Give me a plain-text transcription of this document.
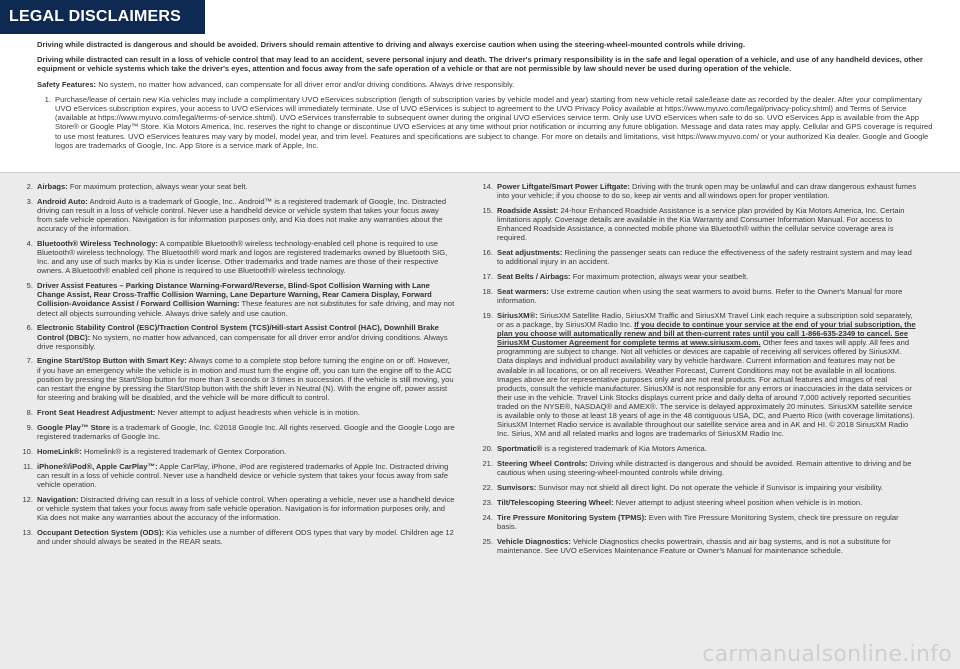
LEGAL DISCLAIMERS

Driving while distracted is dangerous and should be avoided. Drivers should remain attentive to driving and always exercise caution when using the steering-wheel-mounted controls while driving.

Driving while distracted can result in a loss of vehicle control that may lead to an accident, severe personal injury and death. The driver's primary responsibility is in the safe and legal operation of a vehicle, and use of any handheld devices, other equipment or vehicle systems which take the driver's eyes, attention and focus away from the safe operation of a vehicle or that are not permissible by law should never be used during operation of the vehicle.

Safety Features: No system, no matter how advanced, can compensate for all driver error and/or driving conditions. Always drive responsibly.

1. Purchase/lease of certain new Kia vehicles may include a complimentary UVO eServices subscription (length of subscription varies by vehicle model and year) starting from new vehicle retail sale/lease date as recorded by the dealer. After your complimentary UVO eServices subscription expires, your access to UVO eServices will immediately terminate. Use of UVO eServices is subject to agreement to the UVO Privacy Policy available at https://www.myuvo.com/legal/privacy-policy.shtml) and Terms of Service (available at https://www.myuvo.com/legal/terms-of-service.shtml). UVO eServices transferrable to subsequent owner during the original UVO eServices service term. Only use UVO eServices when safe to do so. UVO eServices App is available from the App Store® or Google Play™ Store. Kia Motors America, Inc. reserves the right to change or discontinue UVO eServices at any time without prior notification or incurring any future obligation. Message and data rates may apply. Cellular and GPS coverage is required to use most features. UVO eServices features may vary by model, model year, and trim level. Features and specifications are subject to change. For more on details and limitations, visit https://www.myuvo.com/ or your authorized Kia dealer. Google and Google logos are trademarks of Google, Inc. App Store is a service mark of Apple, Inc.
2. Airbags: For maximum protection, always wear your seat belt.
3. Android Auto: Android Auto is a trademark of Google, Inc.. Android™ is a registered trademark of Google, Inc. Distracted driving can result in a loss of vehicle control. Never use a handheld device or vehicle system that takes your focus away from safe vehicle operation. Navigation is for information purposes only, and Kia does not make any warranties about the accuracy of the information.
4. Bluetooth® Wireless Technology: A compatible Bluetooth® wireless technology-enabled cell phone is required to use Bluetooth® wireless technology. The Bluetooth® word mark and logos are registered trademarks owned by Bluetooth SIG, Inc. and any use of such marks by Kia is under license. Other trademarks and trade names are those of their respective owners. A Bluetooth® enabled cell phone is required to use Bluetooth® wireless technology.
5. Driver Assist Features – Parking Distance Warning-Forward/Reverse, Blind-Spot Collision Warning with Lane Change Assist, Rear Cross-Traffic Collision Warning, Lane Departure Warning, Rear Camera Display, Forward Collision-Avoidance Assist / Forward Collision Warning: These features are not substitutes for safe driving, and may not detect all objects surrounding vehicle. Always drive safely and use caution.
6. Electronic Stability Control (ESC)/Traction Control System (TCS)/Hill-start Assist Control (HAC), Downhill Brake Control (DBC): No system, no matter how advanced, can compensate for all driver error and/or driving conditions. Always drive responsibly.
7. Engine Start/Stop Button with Smart Key: Always come to a complete stop before turning the engine on or off. However, if you have an emergency while the vehicle is in motion and must turn the engine off, you can turn the engine off to the ACC position by pressing the Start/Stop button for more than 3 seconds or 3 times in succession. If the vehicle is still moving, you can restart the engine by pressing the Start/Stop button with the shift lever in Neutral (N). With the engine off, power assist for steering and braking will be disabled, and the vehicle will be more difficult to control.
8. Front Seat Headrest Adjustment: Never attempt to adjust headrests when vehicle is in motion.
9. Google Play™ Store is a trademark of Google, Inc. ©2018 Google Inc. All rights reserved. Google and the Google Logo are registered trademarks of Google Inc.
10. HomeLink®: Homelink® is a registered trademark of Gentex Corporation.
11. iPhone®/iPod®, Apple CarPlay™: Apple CarPlay, iPhone, iPod are registered trademarks of Apple Inc. Distracted driving can result in a loss of vehicle control. Never use a handheld device or vehicle system that takes your focus away from safe vehicle operation.
12. Navigation: Distracted driving can result in a loss of vehicle control. When operating a vehicle, never use a handheld device or vehicle system that takes your focus away from safe vehicle operation. Navigation is for information purposes only, and Kia does not make any warranties about the accuracy of the information.
13. Occupant Detection System (ODS): Kia vehicles use a number of different ODS types that vary by model. Children age 12 and under should always be seated in the REAR seats.
14. Power Liftgate/Smart Power Liftgate: Driving with the trunk open may be unlawful and can draw dangerous exhaust fumes into your vehicle; if you choose to do so, keep air vents and all windows open for proper ventilation.
15. Roadside Assist: 24-hour Enhanced Roadside Assistance is a service plan provided by Kia Motors America, Inc. Certain limitations apply. Coverage details are available in the Kia Warranty and Consumer Information Manual. For access to Enhanced Roadside Assistance, a connected mobile phone via Bluetooth® within the cellular service coverage area is required.
16. Seat adjustments: Reclining the passenger seats can reduce the effectiveness of the safety restraint system and may lead to additional injury in an accident.
17. Seat Belts / Airbags: For maximum protection, always wear your seatbelt.
18. Seat warmers: Use extreme caution when using the seat warmers to avoid burns. Refer to the Owner's Manual for more information.
19. SiriusXM®: SiriusXM Satellite Radio, SiriusXM Traffic and SiriusXM Travel Link each require a subscription sold separately, or as a package, by SiriusXM Radio Inc. If you decide to continue your service at the end of your trial subscription, the plan you choose will automatically renew and bill at then-current rates until you call 1-866-635-2349 to cancel. See SiriusXM Customer Agreement for complete terms at www.siriusxm.com. Other fees and taxes will apply. All fees and programming are subject to change. Not all vehicles or devices are capable of receiving all services offered by SiriusXM. Data displays and individual product availability vary by vehicle hardware. Current information and features may not be available in all locations, or on all receivers. Weather Forecast, Current Conditions may not be available in all locations. Images above are for representative purposes only and are not real products. For actual features and images of real products, consult the vehicle manufacturer. SiriusXM is not responsible for any errors or inaccuracies in the data services or their use in the vehicle. Travel Link Stocks displays current price and daily delta of around 7,000 actively reported securities traded on the NYSE®, NASDAQ® and AMEX®. The service is delayed approximately 20 minutes. SiriusXM satellite service is available only to those at least 18 years of age in the 48 contiguous USA, DC, and Puerto Rico (with coverage limitations). SiriusXM Internet Radio service is available throughout our satellite service area and in AK and HI. © 2018 SiriusXM Radio Inc. Sirius, XM and all related marks and logos are trademarks of SiriusXM Radio Inc.
20. Sportmatic® is a registered trademark of Kia Motors America.
21. Steering Wheel Controls: Driving while distracted is dangerous and should be avoided. Remain attentive to driving and be cautious when using steering-wheel-mounted controls while driving.
22. Sunvisors: Sunvisor may not shield all direct light. Do not operate the vehicle if Sunvisor is impairing your visibility.
23. Tilt/Telescoping Steering Wheel: Never attempt to adjust steering wheel position when vehicle is in motion.
24. Tire Pressure Monitoring System (TPMS): Even with Tire Pressure Monitoring System, check tire pressure on regular basis.
25. Vehicle Diagnostics: Vehicle Diagnostics checks powertrain, chassis and air bag systems, and is not a substitute for maintenance. See UVO eServices Maintenance Feature or Owner's Manual for maintenance schedule.
carmanualsonline.info
